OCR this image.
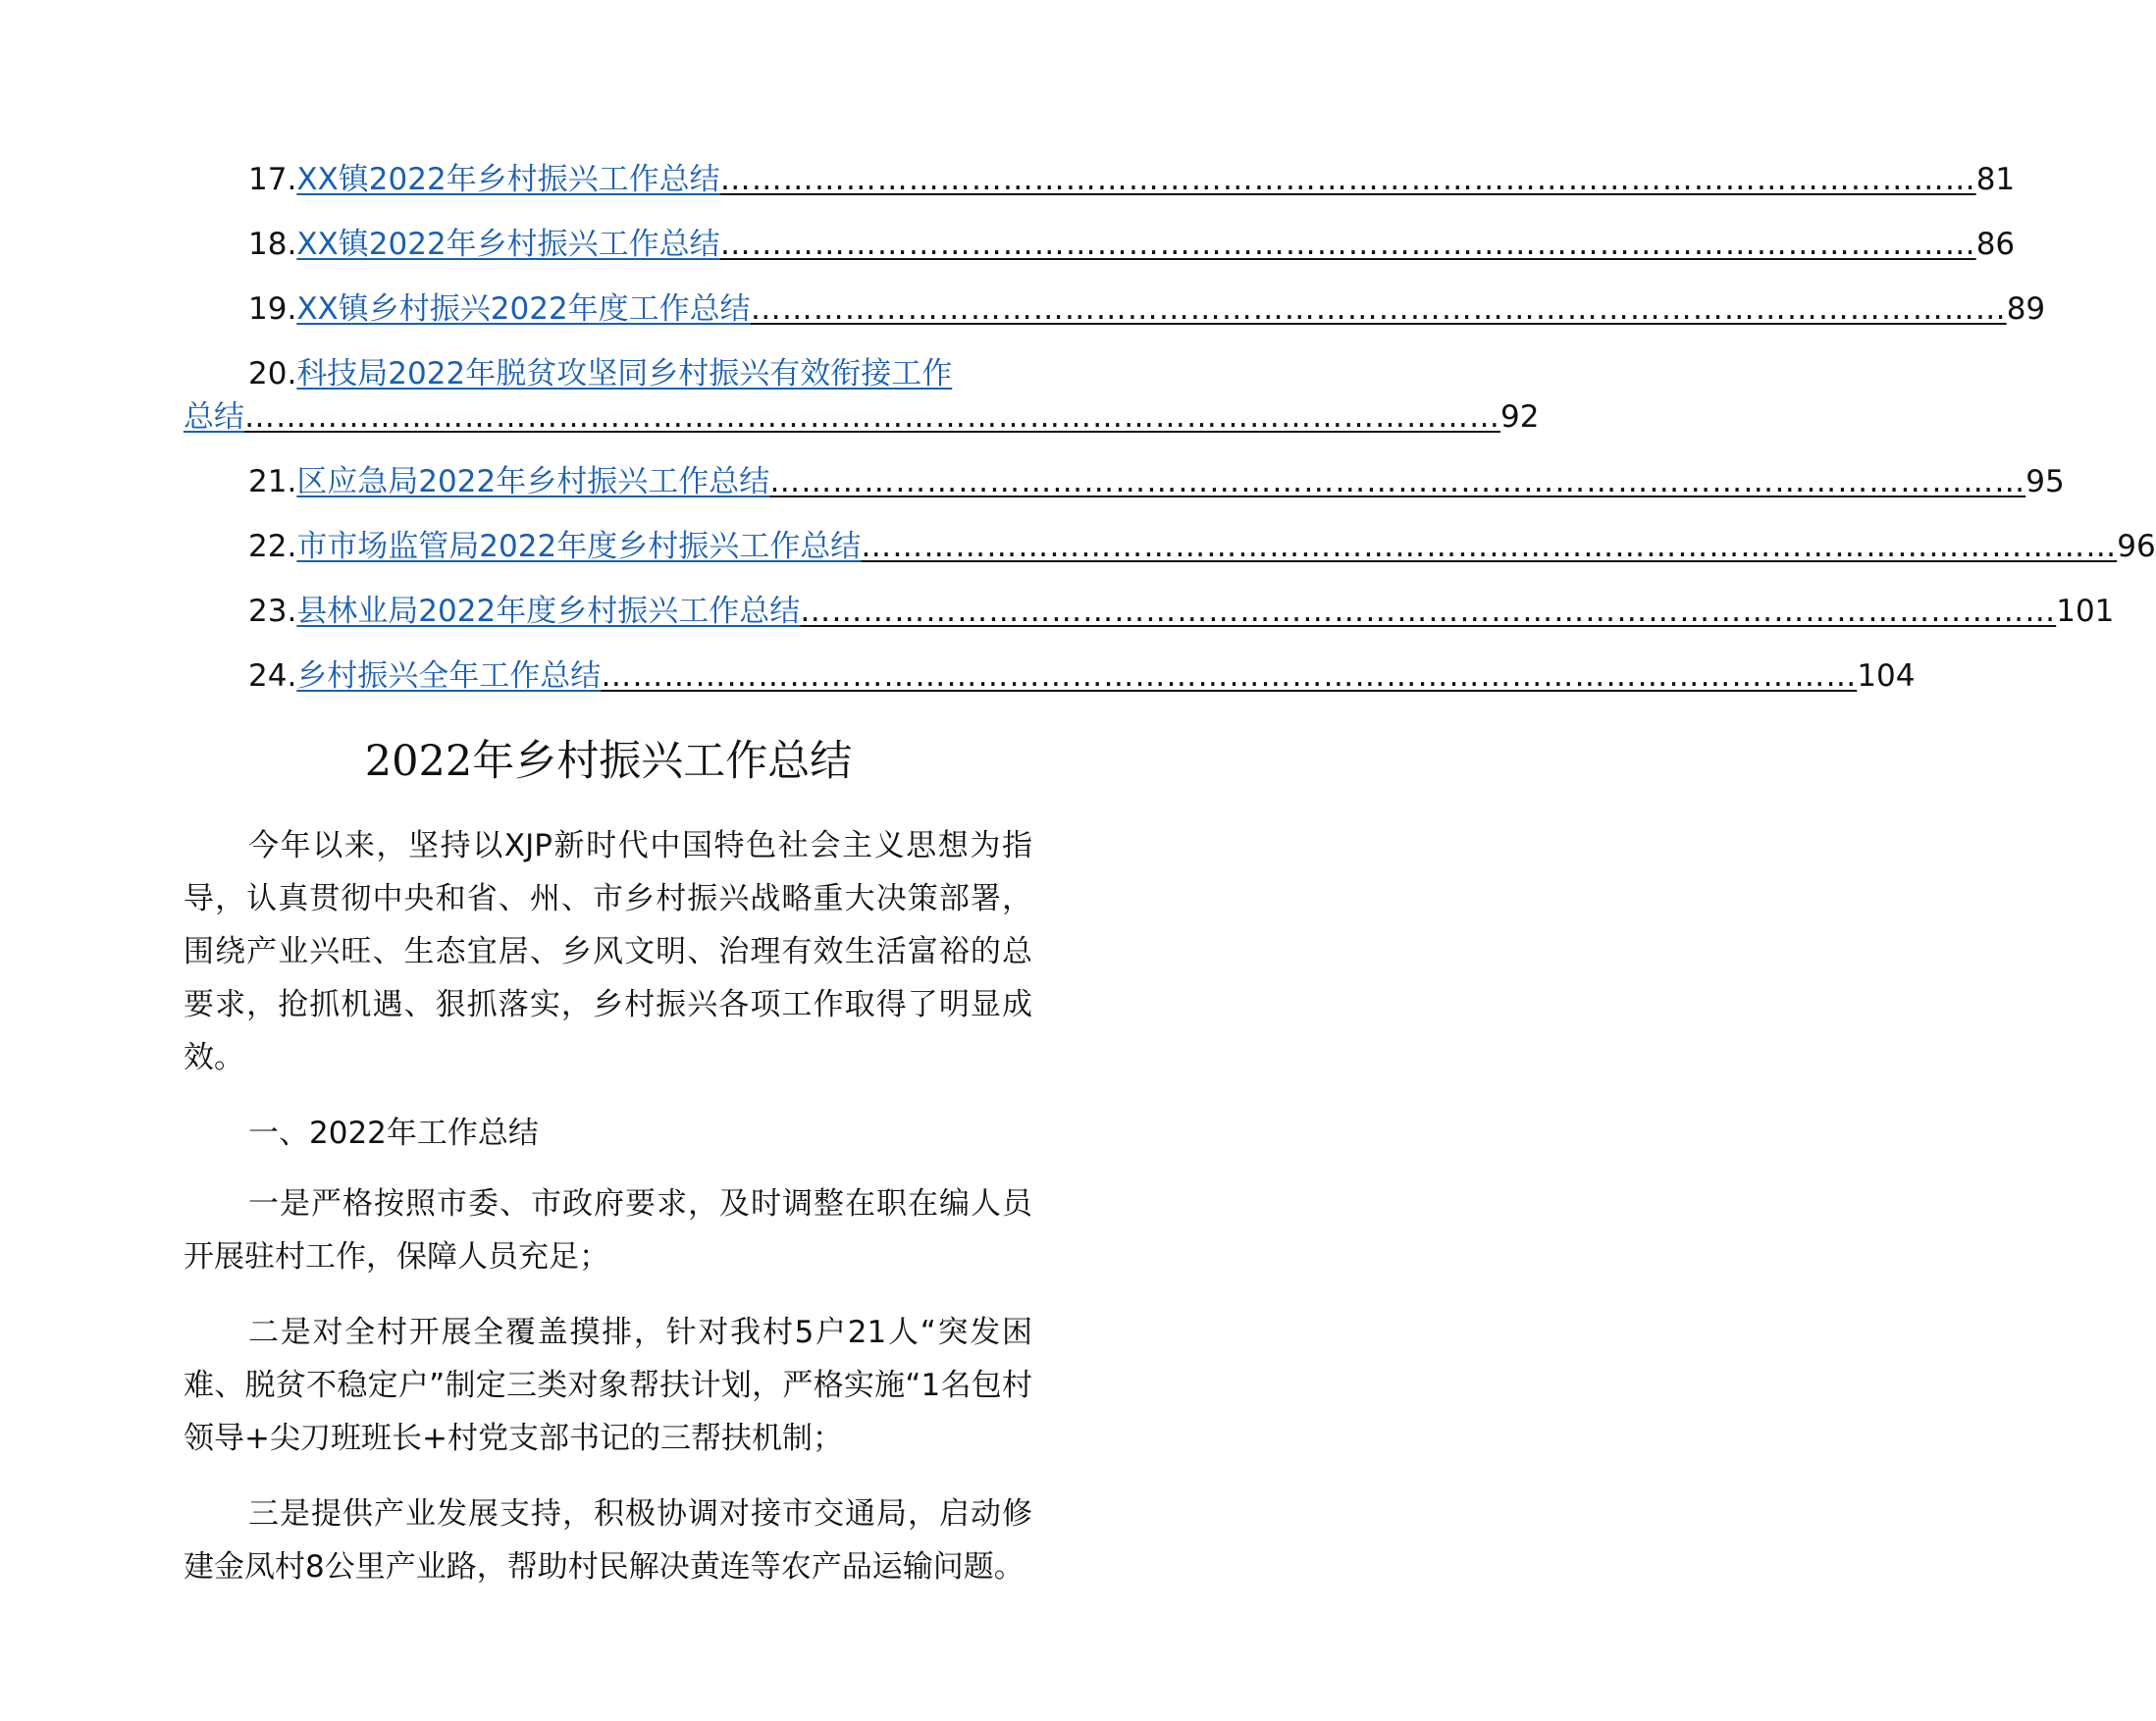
17. XX镇2022年乡村振兴工作总结 ………………………………………………………………………………………………………… 81
18. XX镇2022年乡村振兴工作总结 ………………………………………………………………………………………………………… 86
19. XX镇乡村振兴2022年度工作总结 ………………………………………………………………………………………………………… 89
20. 科技局2022年脱贫攻坚同乡村振兴有效衔接工作
总结 ………………………………………………………………………………………………………… 92
21. 区应急局2022年乡村振兴工作总结 ………………………………………………………………………………………………………… 95
22. 市市场监管局2022年度乡村振兴工作总结 ………………………………………………………………………………………………………… 96
23. 县林业局2022年度乡村振兴工作总结 ………………………………………………………………………………………………………… 101
24. 乡村振兴全年工作总结 ………………………………………………………………………………………………………… 104
2022年乡村振兴工作总结

今年以来，坚持以XJP新时代中国特色社会主义思想为指导，认真贯彻中央和省、州、市乡村振兴战略重大决策部署，围绕产业兴旺、生态宜居、乡风文明、治理有效生活富裕的总要求，抢抓机遇、狠抓落实，乡村振兴各项工作取得了明显成效。

一、2022年工作总结

一是严格按照市委、市政府要求，及时调整在职在编人员开展驻村工作，保障人员充足；

二是对全村开展全覆盖摸排，针对我村5户21人“突发困难、脱贫不稳定户”制定三类对象帮扶计划，严格实施“1名包村领导+尖刀班班长+村党支部书记的三帮扶机制；

三是提供产业发展支持，积极协调对接市交通局，启动修建金凤村8公里产业路，帮助村民解决黄连等农产品运输问题。
